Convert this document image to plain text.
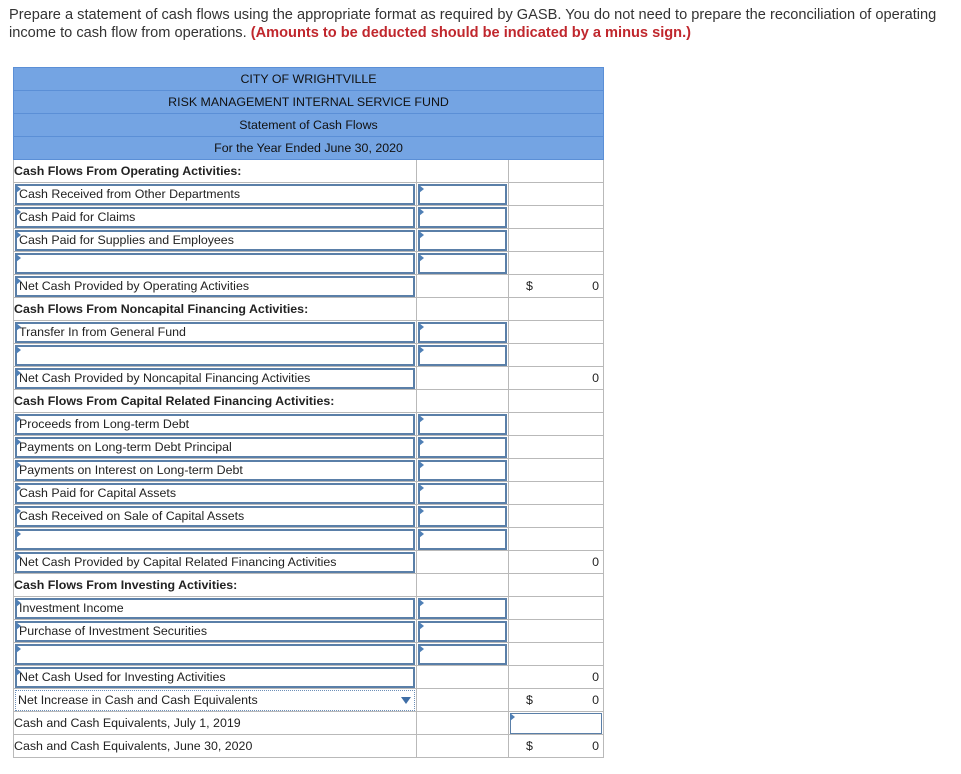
Prepare a statement of cash flows using the appropriate format as required by GASB. You do not need to prepare the reconciliation of operating income to cash flow from operations. (Amounts to be deducted should be indicated by a minus sign.)
CITY OF WRIGHTVILLE		
RISK MANAGEMENT INTERNAL SERVICE FUND		
Statement of Cash Flows		
For the Year Ended June 30, 2020		
Cash Flows From Operating Activities:		

Cash Received from Other Departments		

Cash Paid for Claims		

Cash Paid for Supplies and Employees		

Net Cash Provided by Operating Activities		$ 0

Cash Flows From Noncapital Financing Activities:		

Transfer In from General Fund		

Net Cash Provided by Noncapital Financing Activities		0

Cash Flows From Capital Related Financing Activities:		

Proceeds from Long-term Debt		

Payments on Long-term Debt Principal		

Payments on Interest on Long-term Debt		

Cash Paid for Capital Assets		

Cash Received on Sale of Capital Assets		

Net Cash Provided by Capital Related Financing Activities		0

Cash Flows From Investing Activities:		

Investment Income		

Purchase of Investment Securities		

Net Cash Used for Investing Activities		0

Net Increase in Cash and Cash Equivalents		$ 0

Cash and Cash Equivalents, July 1, 2019		

Cash and Cash Equivalents, June 30, 2020		$ 0
